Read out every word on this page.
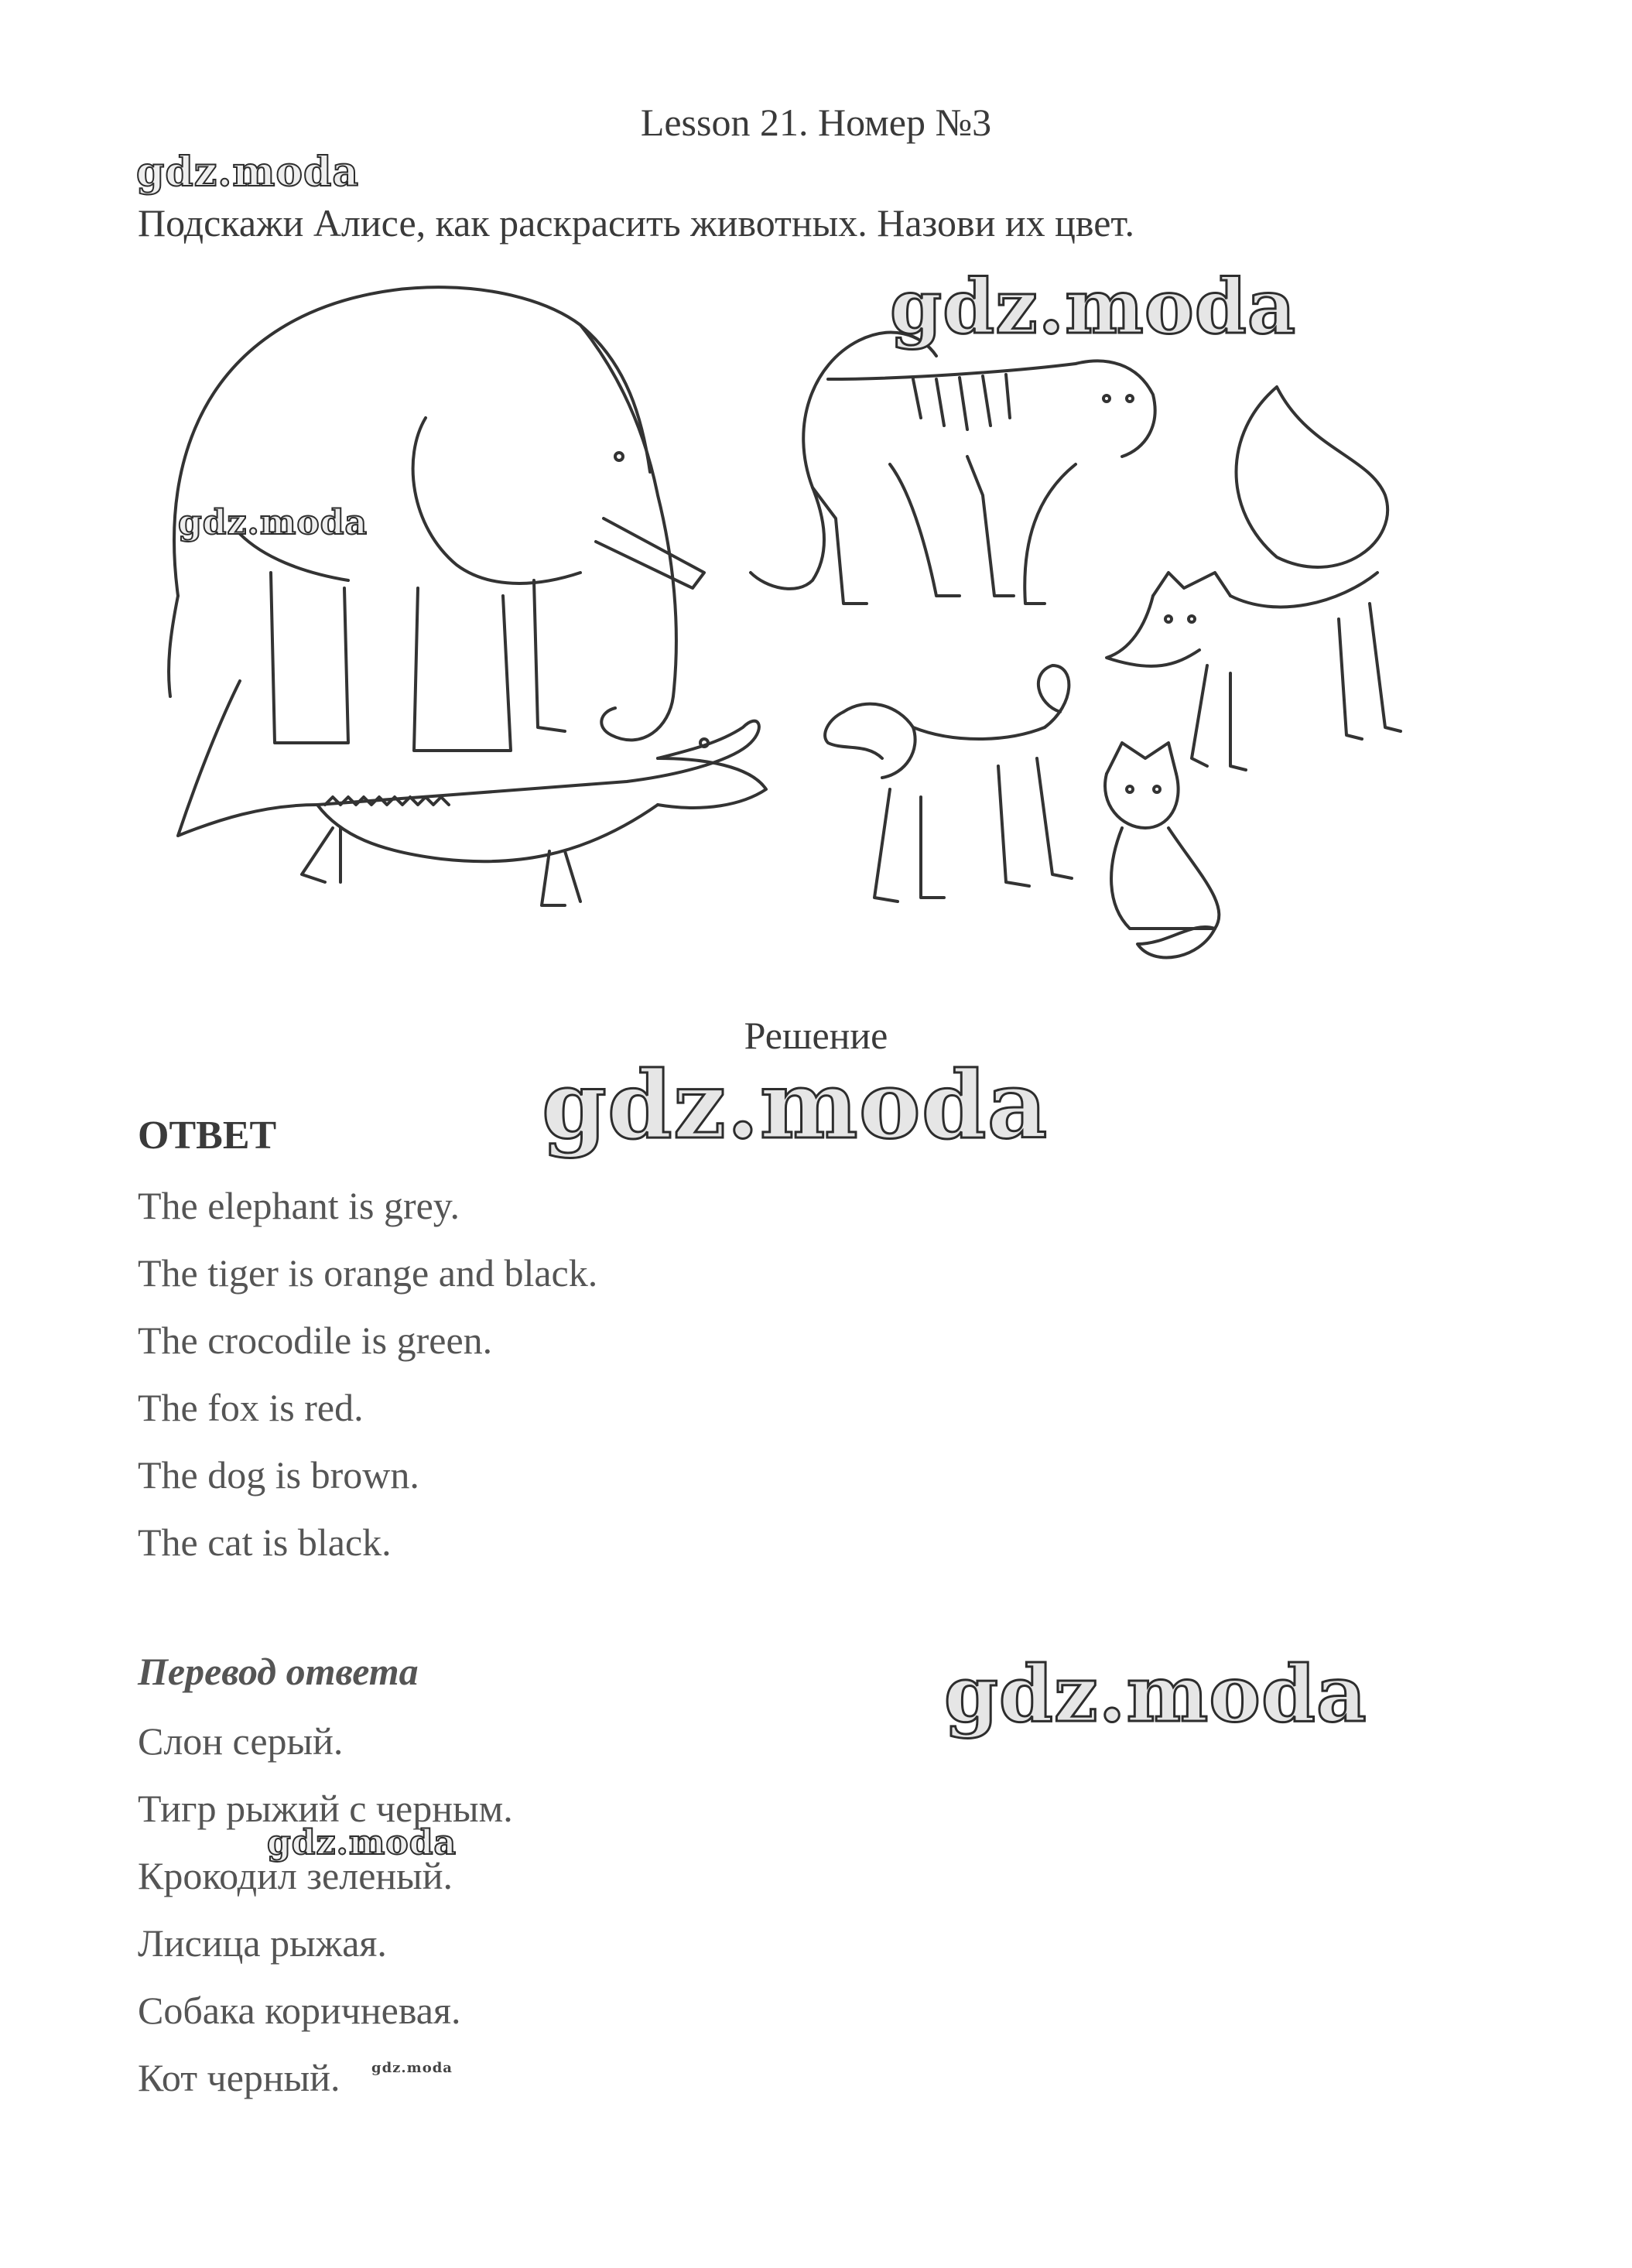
Lesson 21. Номер №3
gdz.moda
Подскажи Алисе, как раскрасить животных. Назови их цвет.
gdz.moda
gdz.moda
Решение
gdz.moda
ОТВЕТ
The elephant is grey.
The tiger is orange and black.
The crocodile is green.
The fox is red.
The dog is brown.
The cat is black.
Перевод ответа	gdz.moda
Слон серый.
Тигр рыжий с черным.
Крокодил зеленый.
Лисица рыжая.
Собака коричневая.
Кот черный.
gdz.moda
gdz.moda
